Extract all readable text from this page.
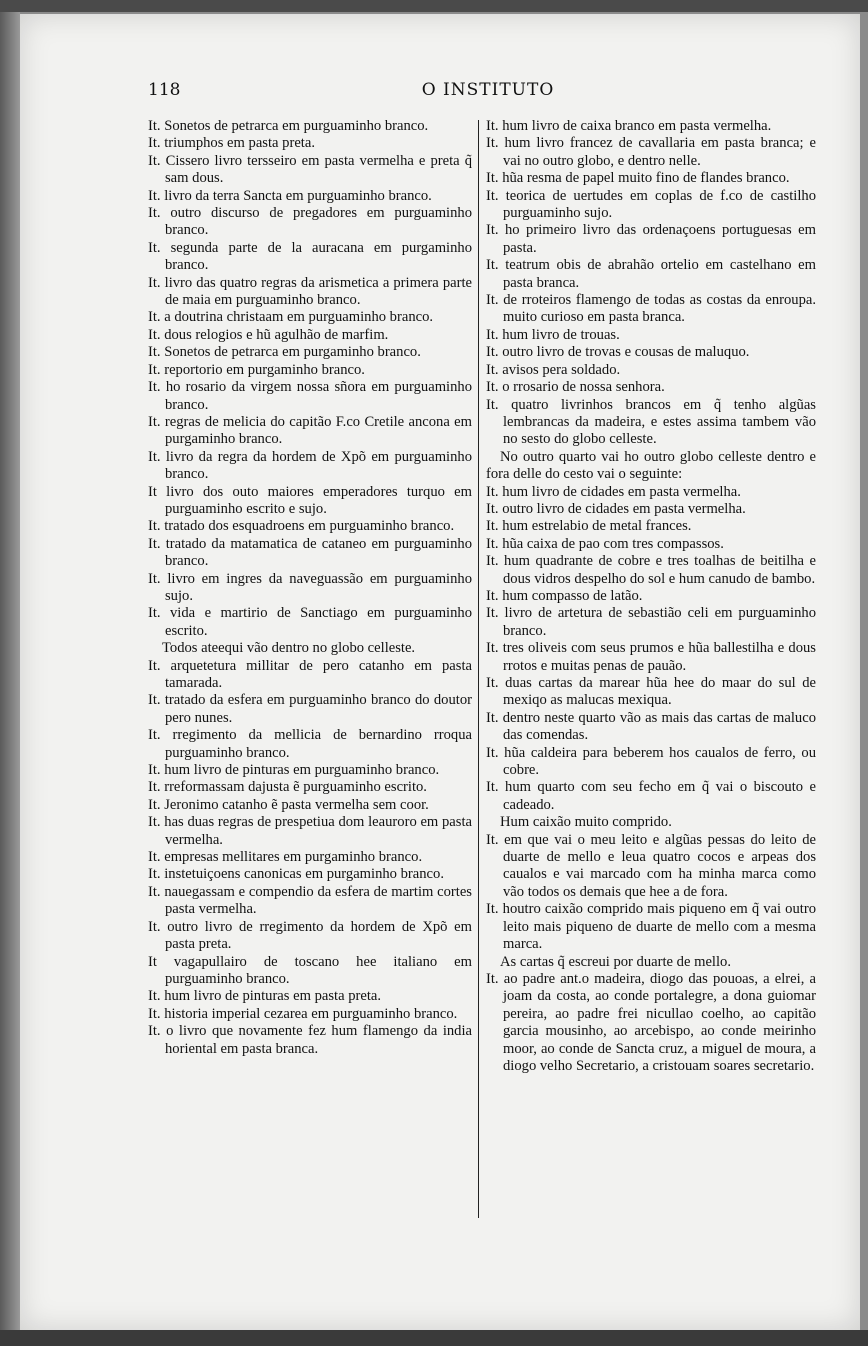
118	O INSTITUTO

It. Sonetos de petrarca em purguaminho branco.

It. triumphos em pasta preta.

It. Cissero livro tersseiro em pasta vermelha e preta q̃ sam dous.

It. livro da terra Sancta em purguaminho branco.

It. outro discurso de pregadores em purguaminho branco.

It. segunda parte de la auracana em purgaminho branco.

It. livro das quatro regras da arismetica a primera parte de maia em purguaminho branco.

It. a doutrina christaam em purguaminho branco.

It. dous relogios e hũ agulhão de marfim.

It. Sonetos de petrarca em purgaminho branco.

It. reportorio em purgaminho branco.

It. ho rosario da virgem nossa sñora em purguaminho branco.

It. regras de melicia do capitão F.co Cretile ancona em purgaminho branco.

It. livro da regra da hordem de Xpõ em purguaminho branco.

It livro dos outo maiores emperadores turquo em purguaminho escrito e sujo.

It. tratado dos esquadroens em purguaminho branco.

It. tratado da matamatica de cataneo em purguaminho branco.

It. livro em ingres da naveguassão em purguaminho sujo.

It. vida e martirio de Sanctiago em purguaminho escrito.

Todos ateequi vão dentro no globo celleste.

It. arquetetura millitar de pero catanho em pasta tamarada.

It. tratado da esfera em purguaminho branco do doutor pero nunes.

It. rregimento da mellicia de bernardino rroqua purguaminho branco.

It. hum livro de pinturas em purguaminho branco.

It. rreformassam dajusta ẽ purguaminho escrito.

It. Jeronimo catanho ẽ pasta vermelha sem coor.

It. has duas regras de prespetiua dom leauroro em pasta vermelha.

It. empresas mellitares em purgaminho branco.

It. instetuiçoens canonicas em purgaminho branco.

It. nauegassam e compendio da esfera de martim cortes pasta vermelha.

It. outro livro de rregimento da hordem de Xpõ em pasta preta.

It vagapullairo de toscano hee italiano em purguaminho branco.

It. hum livro de pinturas em pasta preta.

It. historia imperial cezarea em purguaminho branco.

It. o livro que novamente fez hum flamengo da india horiental em pasta branca.

It. hum livro de caixa branco em pasta vermelha.

It. hum livro francez de cavallaria em pasta branca; e vai no outro globo, e dentro nelle.

It. hũa resma de papel muito fino de flandes branco.

It. teorica de uertudes em coplas de f.co de castilho purguaminho sujo.

It. ho primeiro livro das ordenaçoens portuguesas em pasta.

It. teatrum obis de abrahão ortelio em castelhano em pasta branca.

It. de rroteiros flamengo de todas as costas da enroupa. muito curioso em pasta branca.

It. hum livro de trouas.

It. outro livro de trovas e cousas de maluquo.

It. avisos pera soldado.

It. o rrosario de nossa senhora.

It. quatro livrinhos brancos em q̃ tenho algũas lembrancas da madeira, e estes assima tambem vão no sesto do globo celleste.

No outro quarto vai ho outro globo celleste dentro e fora delle do cesto vai o seguinte:

It. hum livro de cidades em pasta vermelha.

It. outro livro de cidades em pasta vermelha.

It. hum estrelabio de metal frances.

It. hũa caixa de pao com tres compassos.

It. hum quadrante de cobre e tres toalhas de beitilha e dous vidros despelho do sol e hum canudo de bambo.

It. hum compasso de latão.

It. livro de artetura de sebastião celi em purguaminho branco.

It. tres oliveis com seus prumos e hũa ballestilha e dous rrotos e muitas penas de pauão.

It. duas cartas da marear hũa hee do maar do sul de mexiqo as malucas mexiqua.

It. dentro neste quarto vão as mais das cartas de maluco das comendas.

It. hũa caldeira para beberem hos caualos de ferro, ou cobre.

It. hum quarto com seu fecho em q̃ vai o biscouto e cadeado.

Hum caixão muito comprido.

It. em que vai o meu leito e algũas pessas do leito de duarte de mello e leua quatro cocos e arpeas dos caualos e vai marcado com ha minha marca como vão todos os demais que hee a de fora.

It. houtro caixão comprido mais piqueno em q̃ vai outro leito mais piqueno de duarte de mello com a mesma marca.

As cartas q̃ escreui por duarte de mello.

It. ao padre ant.o madeira, diogo das pouoas, a elrei, a joam da costa, ao conde portalegre, a dona guiomar pereira, ao padre frei nicullao coelho, ao capitão garcia mousinho, ao arcebispo, ao conde meirinho moor, ao conde de Sancta cruz, a miguel de moura, a diogo velho Secretario, a cristouam soares secretario.
